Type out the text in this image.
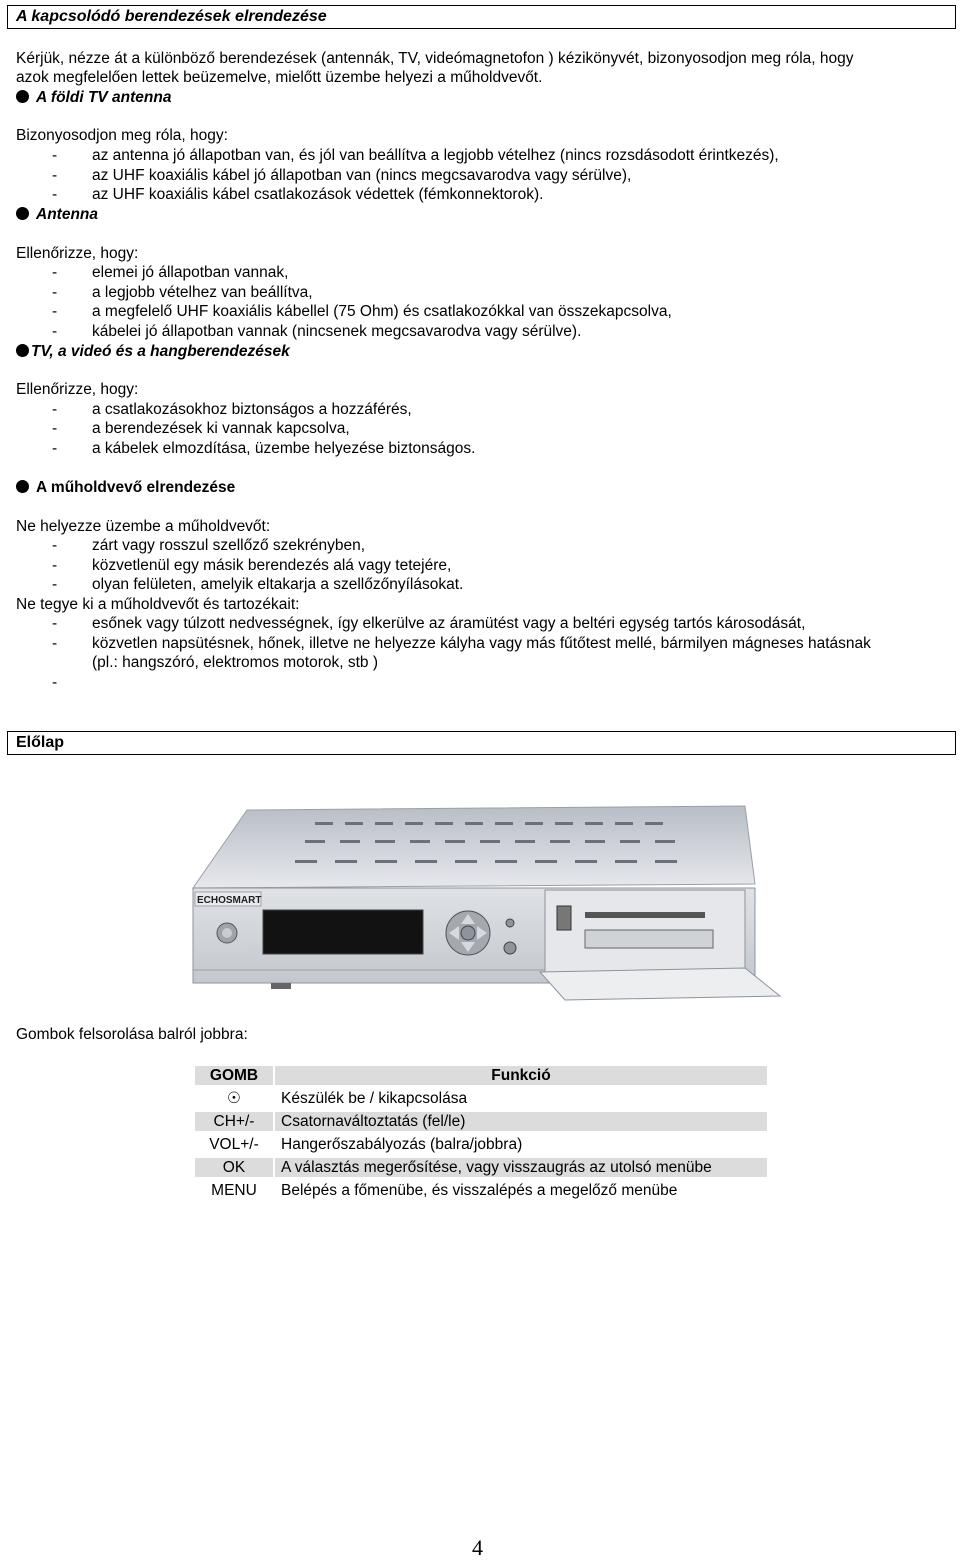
A kapcsolódó berendezések elrendezése
Kérjük, nézze át a különböző berendezések (antennák, TV, videómagnetofon ) kézikönyvét, bizonyosodjon meg róla, hogy
azok megfelelően lettek beüzemelve, mielőtt üzembe helyezi a műholdvevőt.
A földi TV antenna
Bizonyosodjon meg róla, hogy:
- az antenna jó állapotban van, és jól van beállítva a legjobb vételhez (nincs rozsdásodott érintkezés),
- az UHF koaxiális kábel jó állapotban van (nincs megcsavarodva vagy sérülve),
- az UHF koaxiális kábel csatlakozások védettek (fémkonnektorok).
Antenna
Ellenőrizze, hogy:
- elemei jó állapotban vannak,
- a legjobb vételhez van beállítva,
- a megfelelő UHF koaxiális kábellel (75 Ohm) és csatlakozókkal van összekapcsolva,
- kábelei jó állapotban vannak (nincsenek megcsavarodva vagy sérülve).
TV, a videó és a hangberendezések
Ellenőrizze, hogy:
- a csatlakozásokhoz biztonságos a hozzáférés,
- a berendezések ki vannak kapcsolva,
- a kábelek elmozdítása, üzembe helyezése biztonságos.
A műholdvevő elrendezése
Ne helyezze üzembe a műholdvevőt:
- zárt vagy rosszul szellőző szekrényben,
- közvetlenül egy másik berendezés alá vagy tetejére,
- olyan felületen, amelyik eltakarja a szellőzőnyílásokat.
Ne tegye ki a műholdvevőt és tartozékait:
- esőnek vagy túlzott nedvességnek, így elkerülve az áramütést vagy a beltéri egység tartós károsodását,
- közvetlen napsütésnek, hőnek, illetve ne helyezze kályha vagy más fűtőtest mellé, bármilyen mágneses hatásnak
(pl.: hangszóró, elektromos motorok, stb )
-
Előlap
ECHOSMART
Gombok felsorolása balról jobbra:
GOMB	Funkció
☉	Készülék be / kikapcsolása
CH+/-	Csatornaváltoztatás (fel/le)
VOL+/-	Hangerőszabályozás (balra/jobbra)
OK	A választás megerősítése, vagy visszaugrás az utolsó menübe
MENU	Belépés a főmenübe, és visszalépés a megelőző menübe
4
